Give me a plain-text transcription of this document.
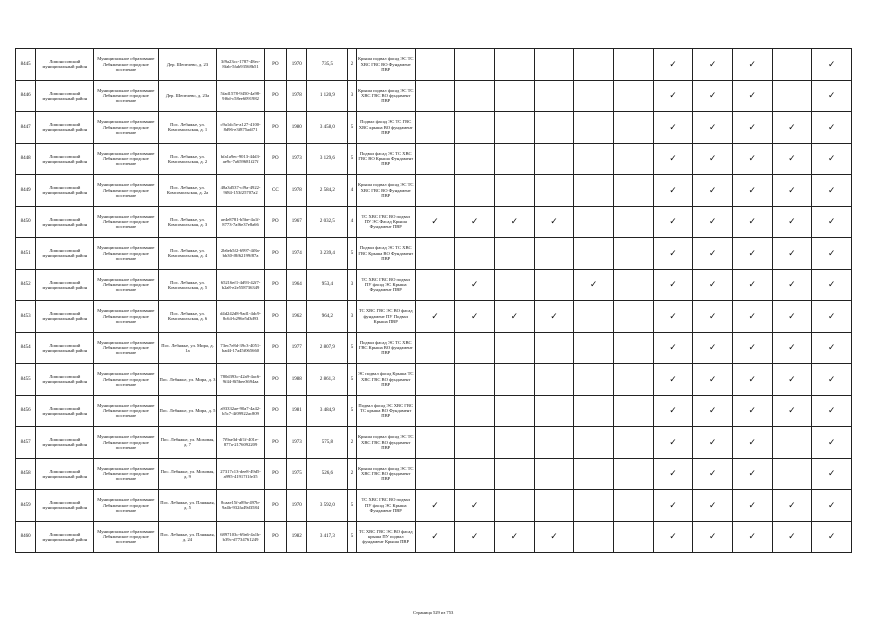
8445	Ломоносовский муниципальный район	Муниципальное образование Лебяженское городское поселение	Дер. Шепелево, д. 23	3f9a23cc-1787-48ec-8fab-5fab93568b51	РО	1970	735,5	2	Крыша подвал фасад ЭС ТС ХВС ГВС ВО Фундамент ПВР							✓	✓	✓		✓
8446	Ломоносовский муниципальный район	Муниципальное образование Лебяженское городское поселение	Дер. Шепелево, д. 23а	5fad1578-9450-4a98-9f6d-c58ee6091982	РО	1978	1 120,9	3	Крыша подвал фасад ЭС ТС ХВС ГВС ВО фундамент ПВР							✓	✓	✓		✓
8447	Ломоносовский муниципальный район	Муниципальное образование Лебяженское городское поселение	Пос. Лебяжье, ул. Комсомольская, д. 1	c9a1dc5e-a127-4100-8d96-e3f875adf71	РО	1980	3 458,0	5	Подвал фасад ЭС ТС ГВС ХВС крыша ВО фундамент ПВР							✓	✓	✓	✓	✓
8448	Ломоносовский муниципальный район	Муниципальное образование Лебяженское городское поселение	Пос. Лебяжье, ул. Комсомольская, д. 2	bfa1a9ec-9013-44d3-ae9c-7a659681f27f	РО	1973	3 129,6	5	Подвал фасад ЭС ТС ХВС ГВС ВО Крыша Фундамент ПВР							✓	✓	✓	✓	✓
8449	Ломоносовский муниципальный район	Муниципальное образование Лебяженское городское поселение	Пос. Лебяжье, ул. Комсомольская, д. 2а	48a3d537-cf9a-4922-9f84-153f25707a2	СС	1978	2 584,2	4	Крыша подвал фасад ЭС ТС ХВС ГВС ВО Фундамент ПВР							✓	✓	✓	✓	✓
8450	Ломоносовский муниципальный район	Муниципальное образование Лебяженское городское поселение	Пос. Лебяжье, ул. Комсомольская, д. 3	ae4e8781-b5be-4a1f-8773-7af6e37e8a66	РО	1967	2 032,5	4	ТС ХВС ГВС ВО подвал ПУ ЭС Фасад Крыша Фундамент ПВР	✓	✓	✓	✓			✓	✓	✓	✓	✓
8451	Ломоносовский муниципальный район	Муниципальное образование Лебяженское городское поселение	Пос. Лебяжье, ул. Комсомольская, д. 4	2b6eb5f2-6997-4f8a-bb30-f8f62199f87a	РО	1974	3 239,4	5	Подвал фасад ЭС ТС ХВС ГВС Крыша ВО Фундамент ПВР							✓	✓	✓	✓	✓
8452	Ломоносовский муниципальный район	Муниципальное образование Лебяженское городское поселение	Пос. Лебяжье, ул. Комсомольская, д. 5	65216ef1-4d93-42f7-b2a8-e2e558736349	РО	1964	953,4	3	ТС ХВС ГВС ВО подвал ПУ фасад ЭС Крыша Фундамент ПВР		✓			✓		✓	✓	✓	✓	✓
8453	Ломоносовский муниципальный район	Муниципальное образование Лебяженское городское поселение	Пос. Лебяжье, ул. Комсомольская, д. 6	d4d242d8-9ad1-4dc9-8c64-b296e5d3d93	РО	1962	964,2	3	ТС ХВС ГВС ЭС ВО фасад фундамент ПУ Подвал Крыша ПВР	✓	✓	✓	✓			✓	✓	✓	✓	✓
8454	Ломоносовский муниципальный район	Муниципальное образование Лебяженское городское поселение	Пос. Лебяжье, ул. Мира, д. 1а	73ec7e8d-39c3-4051-bad4-17a45f065660	РО	1977	2 807,9	5	Подвал фасад ЭС ТС ХВС ГВС Крыша ВО фундамент ПВР							✓	✓	✓	✓	✓
8455	Ломоносовский муниципальный район	Муниципальное образование Лебяженское городское поселение	Пос. Лебяжье, ул. Мира, д. 3	780d393c-42a9-4ac6-9f44-8f5bee3694aa	РО	1988	2 861,3	5	ЭС подвал фасад Крыша ТС ХВС ГВС ВО фундамент ПВР							✓	✓	✓	✓	✓
8456	Ломоносовский муниципальный район	Муниципальное образование Лебяженское городское поселение	Пос. Лебяжье, ул. Мира, д. 5	a93332ae-90a7-4a42-b5c7-4f09922ac809	РО	1981	3 484,9	5	Подвал фасад ЭС ХВС ГВС ТС крыша ВО Фундамент ПВР							✓	✓	✓	✓	✓
8457	Ломоносовский муниципальный район	Муниципальное образование Лебяженское городское поселение	Пос. Лебяжье, ул. Моховая, д. 7	7f9ae3d-df1f-401e-877a-2176092209	РО	1973	575,8	2	Крыша подвал фасад ЭС ТС ХВС ГВС ВО фундамент ПВР							✓	✓	✓		✓
8458	Ломоносовский муниципальный район	Муниципальное образование Лебяженское городское поселение	Пос. Лебяжье, ул. Моховая, д. 9	27317c13-dee8-49d5-a995-41917f1fe35	РО	1975	526,6	2	Крыша подвал фасад ЭС ТС ХВС ГВС ВО фундамент ПВР							✓	✓	✓		✓
8459	Ломоносовский муниципальный район	Муниципальное образование Лебяженское городское поселение	Пос. Лебяжье, ул. Пляжная, д. 5	8caae15f-a89a-497b-9a4b-932fa49d3584	РО	1970	3 592,0	5	ТС ХВС ГВС ВО подвал ПУ фасад ЭС Крыша Фундамент ПВР	✓	✓					✓	✓	✓	✓	✓
8460	Ломоносовский муниципальный район	Муниципальное образование Лебяженское городское поселение	Пос. Лебяжье, ул. Пляжная, д. 24	6897103c-69a6-4a1b-b39c-d7734761249	РО	1982	3 417,3	5	ТС ХВС ГВС ЭС ВО фасад крыша ПУ подвал фундамент Крыша ПВР	✓	✓	✓	✓			✓	✓	✓	✓	✓
Страница 529 из 753
